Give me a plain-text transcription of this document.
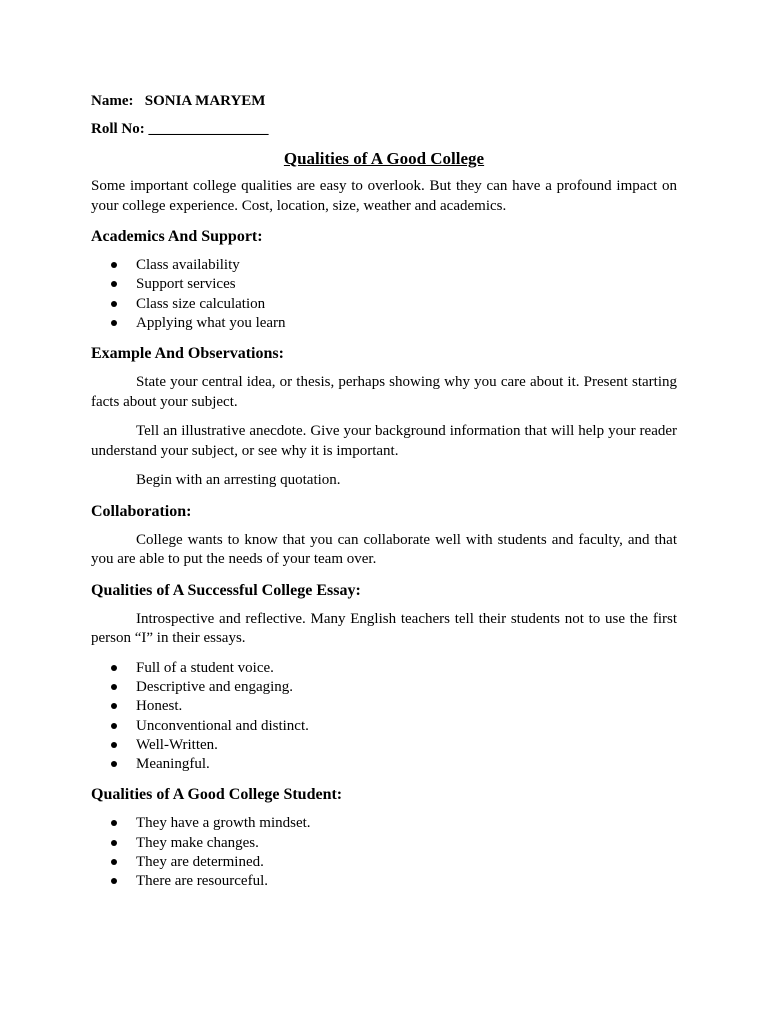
Name: SONIA MARYEM

Roll No: ________________

Qualities of A Good College

Some important college qualities are easy to overlook. But they can have a profound impact on your college experience. Cost, location, size, weather and academics.

Academics And Support:

Class availability
Support services
Class size calculation
Applying what you learn

Example And Observations:

State your central idea, or thesis, perhaps showing why you care about it. Present starting facts about your subject.

Tell an illustrative anecdote. Give your background information that will help your reader understand your subject, or see why it is important.

Begin with an arresting quotation.

Collaboration:

College wants to know that you can collaborate well with students and faculty, and that you are able to put the needs of your team over.

Qualities of A Successful College Essay:

Introspective and reflective. Many English teachers tell their students not to use the first person “I” in their essays.

Full of a student voice.
Descriptive and engaging.
Honest.
Unconventional and distinct.
Well-Written.
Meaningful.

Qualities of A Good College Student:

They have a growth mindset.
They make changes.
They are determined.
There are resourceful.
